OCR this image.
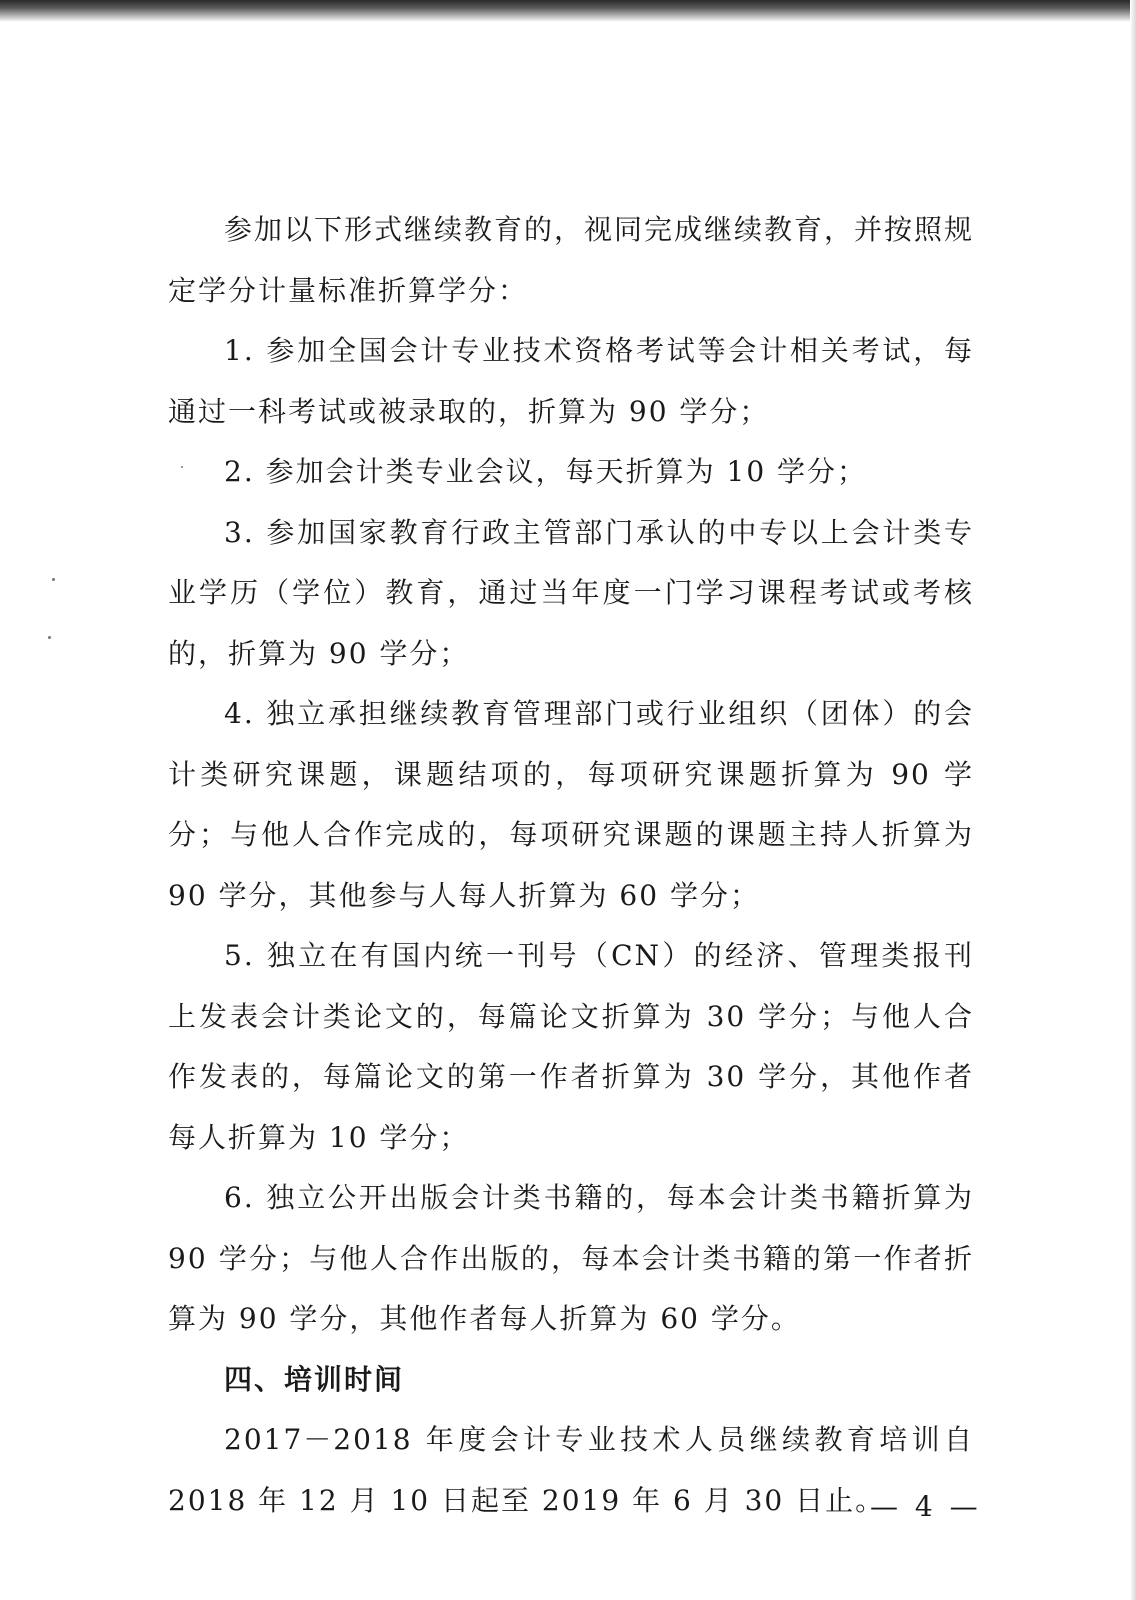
参加以下形式继续教育的，视同完成继续教育，并按照规定学分计量标准折算学分：

1. 参加全国会计专业技术资格考试等会计相关考试，每通过一科考试或被录取的，折算为 90 学分；

2. 参加会计类专业会议，每天折算为 10 学分；

3. 参加国家教育行政主管部门承认的中专以上会计类专业学历（学位）教育，通过当年度一门学习课程考试或考核的，折算为 90 学分；

4. 独立承担继续教育管理部门或行业组织（团体）的会计类研究课题，课题结项的，每项研究课题折算为 90 学分；与他人合作完成的，每项研究课题的课题主持人折算为 90 学分，其他参与人每人折算为 60 学分；

5. 独立在有国内统一刊号（CN）的经济、管理类报刊上发表会计类论文的，每篇论文折算为 30 学分；与他人合作发表的，每篇论文的第一作者折算为 30 学分，其他作者每人折算为 10 学分；

6. 独立公开出版会计类书籍的，每本会计类书籍折算为 90 学分；与他人合作出版的，每本会计类书籍的第一作者折算为 90 学分，其他作者每人折算为 60 学分。

四、培训时间

2017－2018 年度会计专业技术人员继续教育培训自 2018 年 12 月 10 日起至 2019 年 6 月 30 日止。

— 4 —
